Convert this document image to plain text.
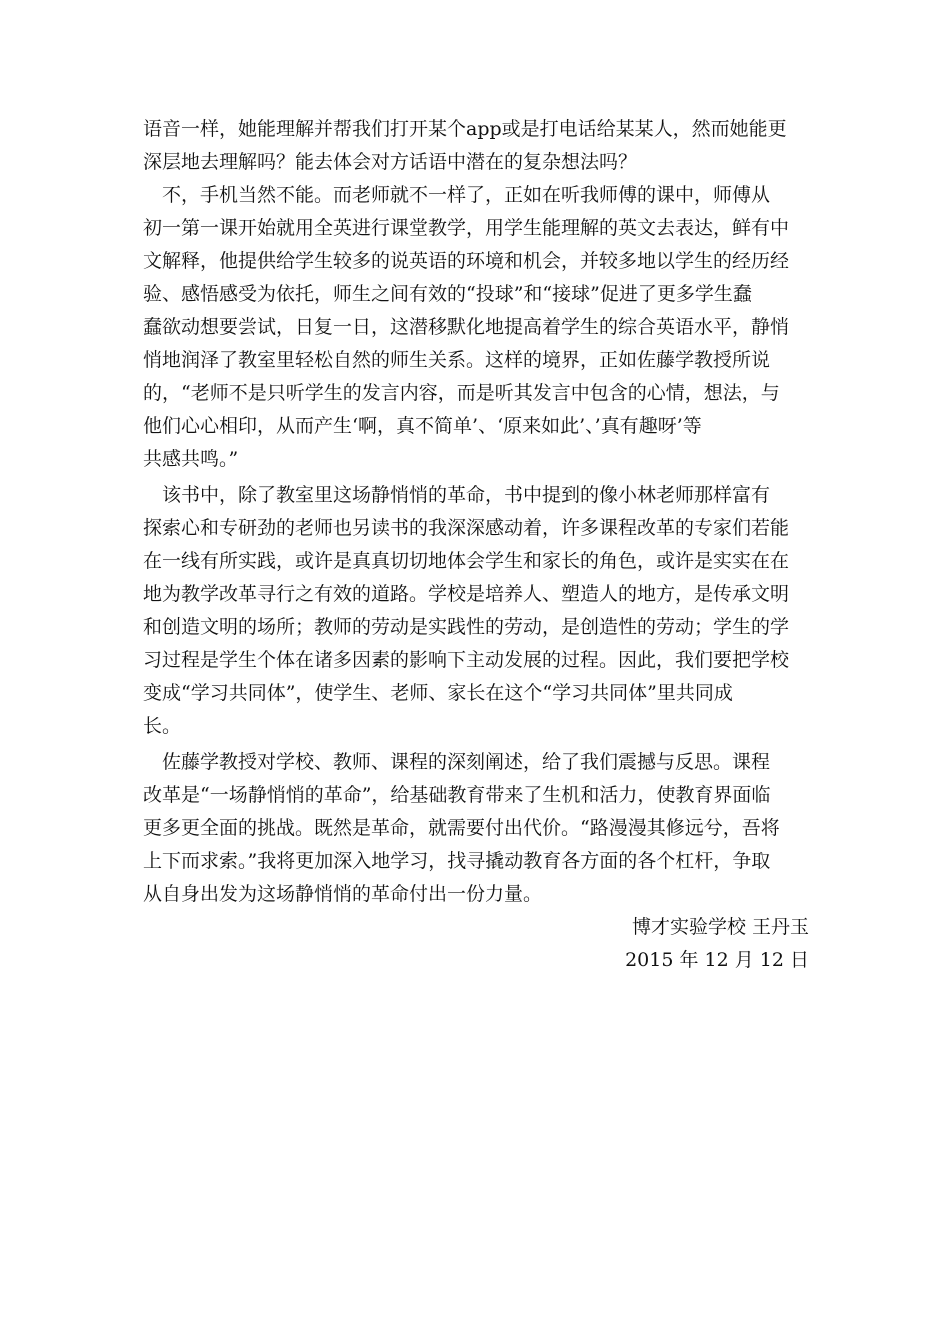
语音一样，她能理解并帮我们打开某个app或是打电话给某某人，然而她能更
深层地去理解吗？能去体会对方话语中潜在的复杂想法吗？
　不，手机当然不能。而老师就不一样了，正如在听我师傅的课中，师傅从
初一第一课开始就用全英进行课堂教学，用学生能理解的英文去表达，鲜有中
文解释，他提供给学生较多的说英语的环境和机会，并较多地以学生的经历经
验、感悟感受为依托，师生之间有效的“投球”和“接球”促进了更多学生蠢
蠢欲动想要尝试，日复一日，这潜移默化地提高着学生的综合英语水平，静悄
悄地润泽了教室里轻松自然的师生关系。这样的境界，正如佐藤学教授所说
的，“老师不是只听学生的发言内容，而是听其发言中包含的心情，想法，与
他们心心相印，从而产生‘啊，真不简单’、‘原来如此’、’真有趣呀’等
共感共鸣。”
　该书中，除了教室里这场静悄悄的革命，书中提到的像小林老师那样富有
探索心和专研劲的老师也另读书的我深深感动着，许多课程改革的专家们若能
在一线有所实践，或许是真真切切地体会学生和家长的角色，或许是实实在在
地为教学改革寻行之有效的道路。学校是培养人、塑造人的地方，是传承文明
和创造文明的场所；教师的劳动是实践性的劳动，是创造性的劳动；学生的学
习过程是学生个体在诸多因素的影响下主动发展的过程。因此，我们要把学校
变成“学习共同体”，使学生、老师、家长在这个“学习共同体”里共同成
长。
　佐藤学教授对学校、教师、课程的深刻阐述，给了我们震撼与反思。课程
改革是“一场静悄悄的革命”，给基础教育带来了生机和活力，使教育界面临
更多更全面的挑战。既然是革命，就需要付出代价。“路漫漫其修远兮，吾将
上下而求索。”我将更加深入地学习，找寻撬动教育各方面的各个杠杆，争取
从自身出发为这场静悄悄的革命付出一份力量。
博才实验学校 王丹玉
2015 年 12 月 12 日
